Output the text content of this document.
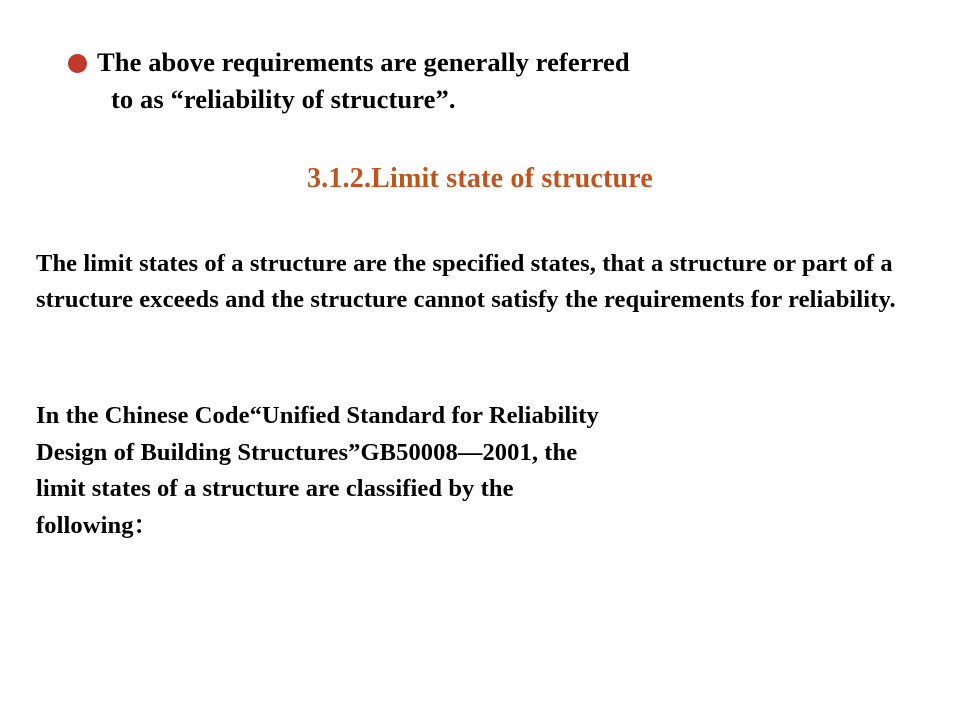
The above requirements are generally referred
to as “reliability of structure”.
3.1.2.Limit state of structure
The limit states of a structure are the specified states, that a structure or part of a structure exceeds and the structure cannot satisfy the requirements for reliability.
In the Chinese Code“Unified Standard for Reliability
Design of Building Structures”GB50008—2001, the
limit states of a structure are classified by the
following：
